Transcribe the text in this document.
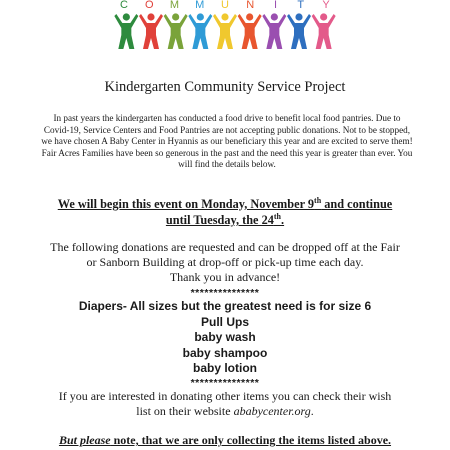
C	O	M	M	U	N	I	T	Y
Kindergarten Community Service Project

In past years the kindergarten has conducted a food drive to benefit local food pantries. Due to Covid-19, Service Centers and Food Pantries are not accepting public donations. Not to be stopped, we have chosen A Baby Center in Hyannis as our beneficiary this year and are excited to serve them! Fair Acres Families have been so generous in the past and the need this year is greater than ever. You will find the details below.

We will begin this event on Monday, November 9th and continue
until Tuesday, the 24th.

The following donations are requested and can be dropped off at the Fair
or Sanborn Building at drop-off or pick-up time each day.
Thank you in advance!

***************
Diapers- All sizes but the greatest need is for size 6
Pull Ups
baby wash
baby shampoo
baby lotion
***************

If you are interested in donating other items you can check their wish
list on their website ababycenter.org.

But please note, that we are only collecting the items listed above.
